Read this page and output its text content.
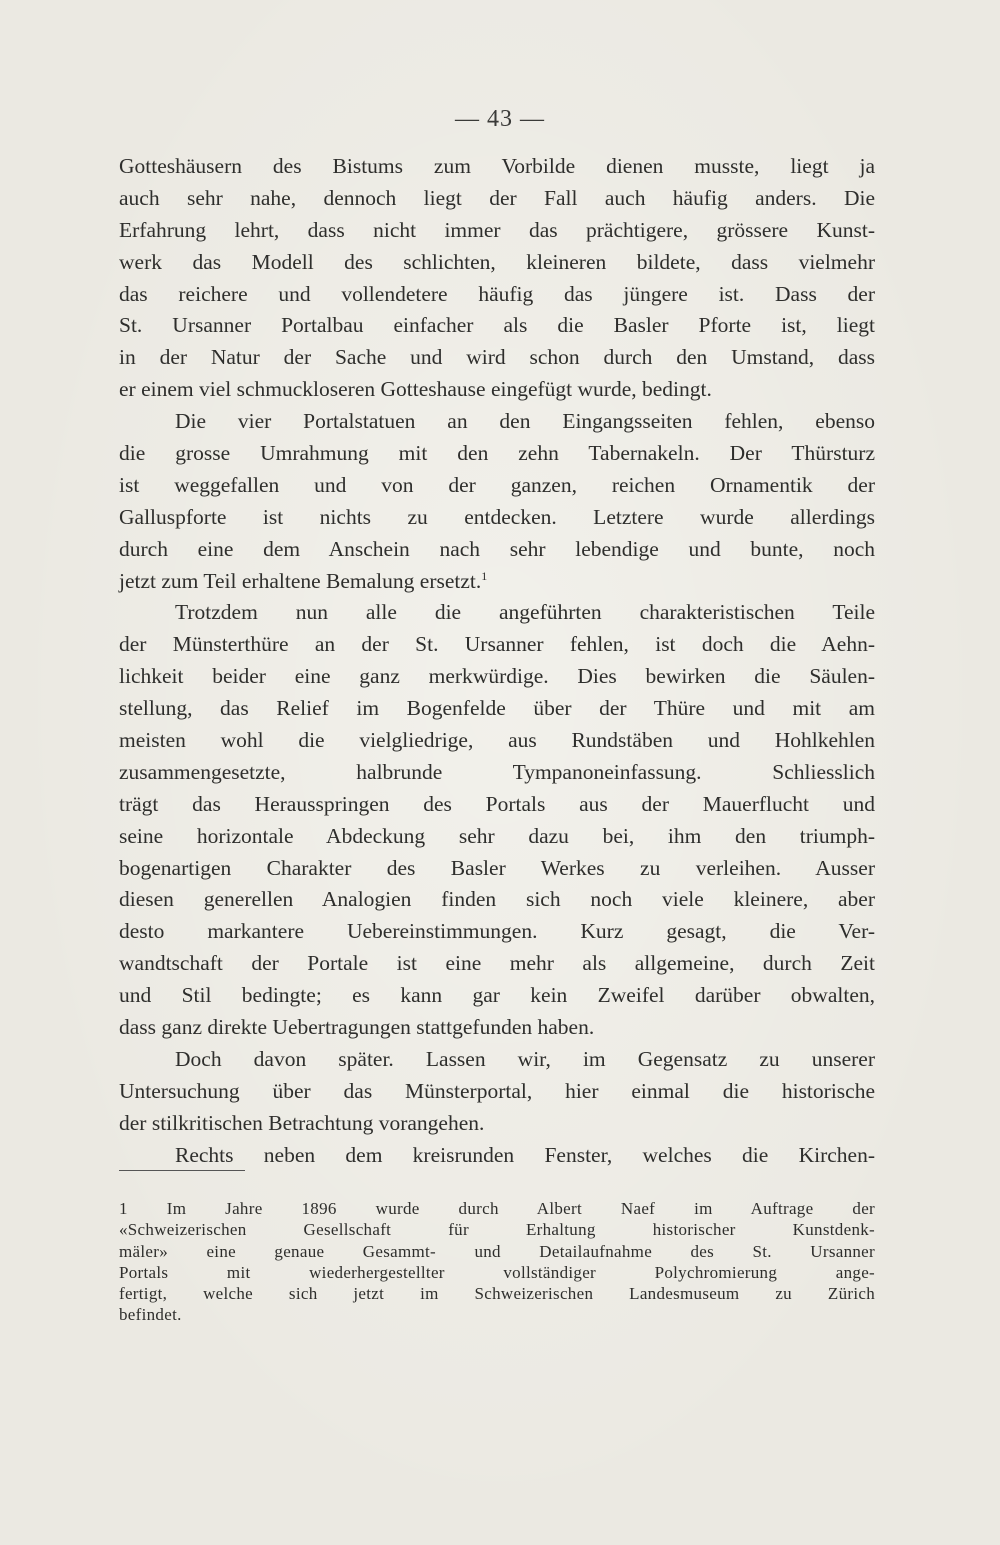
— 43 —
Gotteshäusern des Bistums zum Vorbilde dienen musste, liegt ja
auch sehr nahe, dennoch liegt der Fall auch häufig anders. Die
Erfahrung lehrt, dass nicht immer das prächtigere, grössere Kunst-
werk das Modell des schlichten, kleineren bildete, dass vielmehr
das reichere und vollendetere häufig das jüngere ist. Dass der
St. Ursanner Portalbau einfacher als die Basler Pforte ist, liegt
in der Natur der Sache und wird schon durch den Umstand, dass
er einem viel schmuckloseren Gotteshause eingefügt wurde, bedingt.
Die vier Portalstatuen an den Eingangsseiten fehlen, ebenso
die grosse Umrahmung mit den zehn Tabernakeln. Der Thürsturz
ist weggefallen und von der ganzen, reichen Ornamentik der
Galluspforte ist nichts zu entdecken. Letztere wurde allerdings
durch eine dem Anschein nach sehr lebendige und bunte, noch
jetzt zum Teil erhaltene Bemalung ersetzt.$^1$
Trotzdem nun alle die angeführten charakteristischen Teile
der Münsterthüre an der St. Ursanner fehlen, ist doch die Aehn-
lichkeit beider eine ganz merkwürdige. Dies bewirken die Säulen-
stellung, das Relief im Bogenfelde über der Thüre und mit am
meisten wohl die vielgliedrige, aus Rundstäben und Hohlkehlen
zusammengesetzte, halbrunde Tympanoneinfassung. Schliesslich
trägt das Herausspringen des Portals aus der Mauerflucht und
seine horizontale Abdeckung sehr dazu bei, ihm den triumph-
bogenartigen Charakter des Basler Werkes zu verleihen. Ausser
diesen generellen Analogien finden sich noch viele kleinere, aber
desto markantere Uebereinstimmungen. Kurz gesagt, die Ver-
wandtschaft der Portale ist eine mehr als allgemeine, durch Zeit
und Stil bedingte; es kann gar kein Zweifel darüber obwalten,
dass ganz direkte Uebertragungen stattgefunden haben.
Doch davon später. Lassen wir, im Gegensatz zu unserer
Untersuchung über das Münsterportal, hier einmal die historische
der stilkritischen Betrachtung vorangehen.
Rechts neben dem kreisrunden Fenster, welches die Kirchen-
1 Im Jahre 1896 wurde durch Albert Naef im Auftrage der
«Schweizerischen Gesellschaft für Erhaltung historischer Kunstdenk-
mäler» eine genaue Gesammt- und Detailaufnahme des St. Ursanner
Portals mit wiederhergestellter vollständiger Polychromierung ange-
fertigt, welche sich jetzt im Schweizerischen Landesmuseum zu Zürich
befindet.
